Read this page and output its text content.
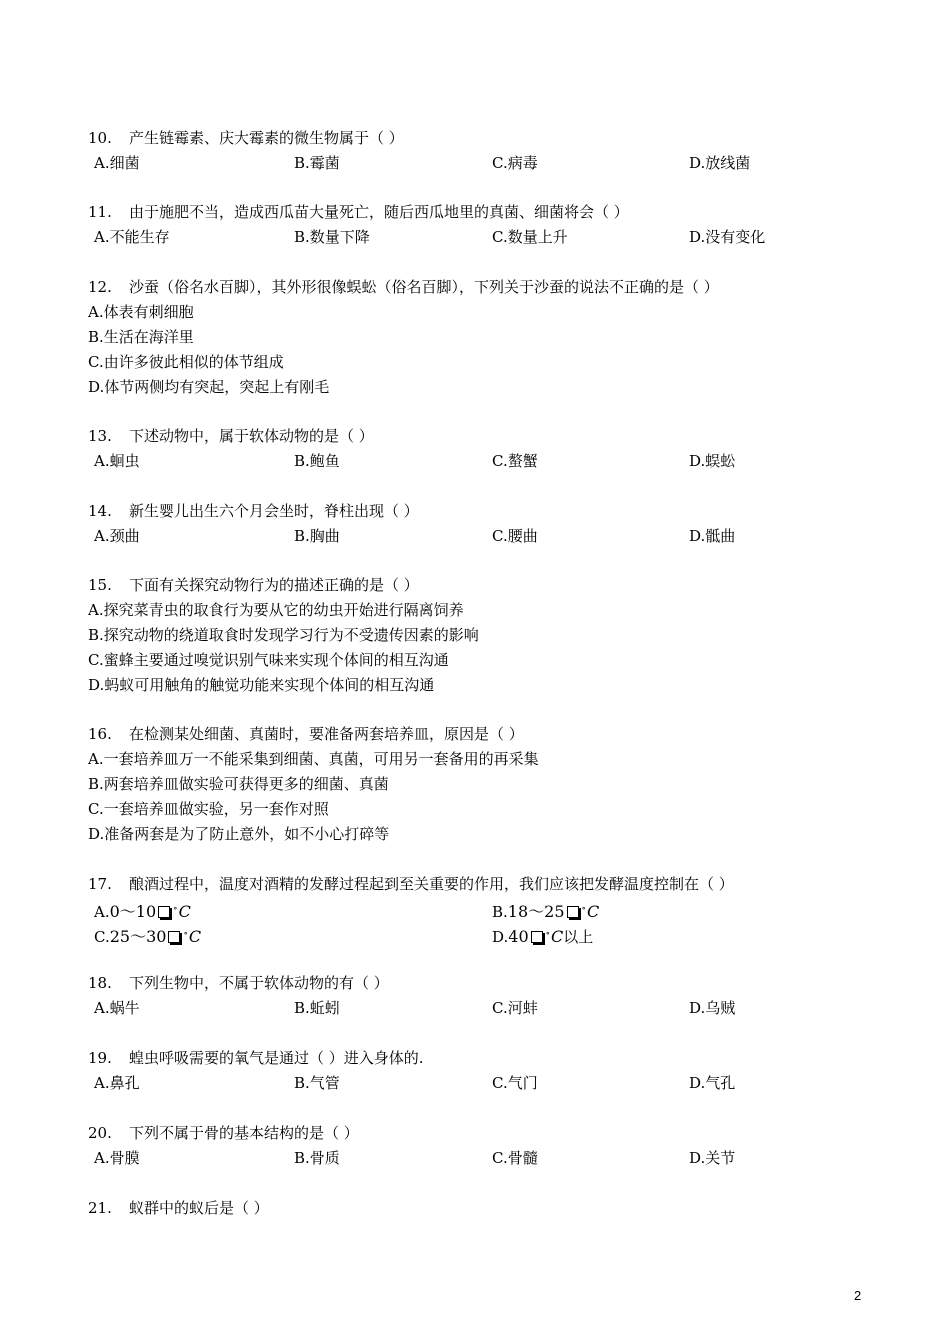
10. 产生链霉素、庆大霉素的微生物属于（ ）
A.细菌	B.霉菌	C.病毒	D.放线菌
11. 由于施肥不当，造成西瓜苗大量死亡，随后西瓜地里的真菌、细菌将会（ ）
A.不能生存	B.数量下降	C.数量上升	D.没有变化
12. 沙蚕（俗名水百脚），其外形很像蜈蚣（俗名百脚），下列关于沙蚕的说法不正确的是（ ）
A.体表有刺细胞
B.生活在海洋里
C.由许多彼此相似的体节组成
D.体节两侧均有突起，突起上有刚毛
13. 下述动物中，属于软体动物的是（ ）
A.蛔虫	B.鲍鱼	C.螯蟹	D.蜈蚣
14. 新生婴儿出生六个月会坐时，脊柱出现（ ）
A.颈曲	B.胸曲	C.腰曲	D.骶曲
15. 下面有关探究动物行为的描述正确的是（ ）
A.探究菜青虫的取食行为要从它的幼虫开始进行隔离饲养
B.探究动物的绕道取食时发现学习行为不受遗传因素的影响
C.蜜蜂主要通过嗅觉识别气味来实现个体间的相互沟通
D.蚂蚁可用触角的触觉功能来实现个体间的相互沟通
16. 在检测某处细菌、真菌时，要准备两套培养皿，原因是（ ）
A.一套培养皿万一不能采集到细菌、真菌，可用另一套备用的再采集
B.两套培养皿做实验可获得更多的细菌、真菌
C.一套培养皿做实验，另一套作对照
D.准备两套是为了防止意外，如不小心打碎等
17. 酿酒过程中，温度对酒精的发酵过程起到至关重要的作用，我们应该把发酵温度控制在（ ）
A.0～10 ∘C	B.18～25 ∘C
C.25～30 ∘C	D.40 ∘C以上
18. 下列生物中，不属于软体动物的有（ ）
A.蜗牛	B.蚯蚓	C.河蚌	D.乌贼
19. 蝗虫呼吸需要的氧气是通过（ ）进入身体的.
A.鼻孔	B.气管	C.气门	D.气孔
20. 下列不属于骨的基本结构的是（ ）
A.骨膜	B.骨质	C.骨髓	D.关节
21. 蚁群中的蚁后是（ ）
2
